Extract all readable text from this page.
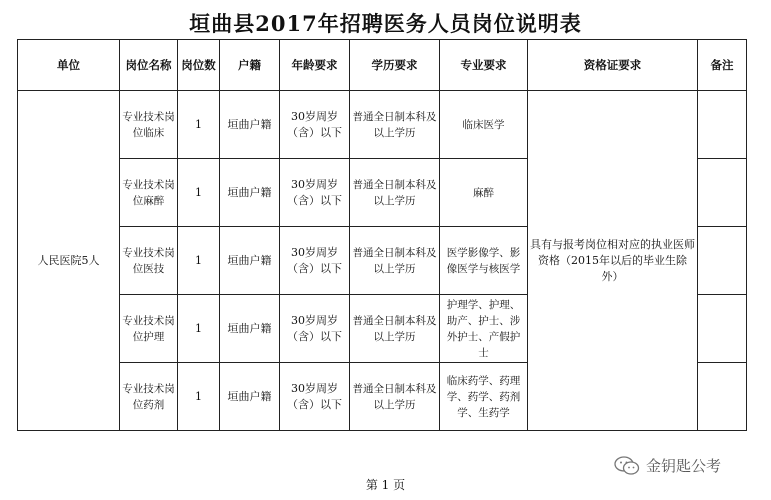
垣曲县2017年招聘医务人员岗位说明表
单位	岗位名称	岗位数	户籍	年龄要求	学历要求	专业要求	资格证要求	备注
人民医院5人	专业技术岗位临床	1	垣曲户籍	30岁周岁（含）以下	普通全日制本科及以上学历	临床医学	具有与报考岗位相对应的执业医师资格（2015年以后的毕业生除外）	
	专业技术岗位麻醉	1	垣曲户籍	30岁周岁（含）以下	普通全日制本科及以上学历	麻醉		
	专业技术岗位医技	1	垣曲户籍	30岁周岁（含）以下	普通全日制本科及以上学历	医学影像学、影像医学与核医学		
	专业技术岗位护理	1	垣曲户籍	30岁周岁（含）以下	普通全日制本科及以上学历	护理学、护理、助产、护士、涉外护士、产假护士		
	专业技术岗位药剂	1	垣曲户籍	30岁周岁（含）以下	普通全日制本科及以上学历	临床药学、药理学、药学、药剂学、生药学		
金钥匙公考
第 1 页
